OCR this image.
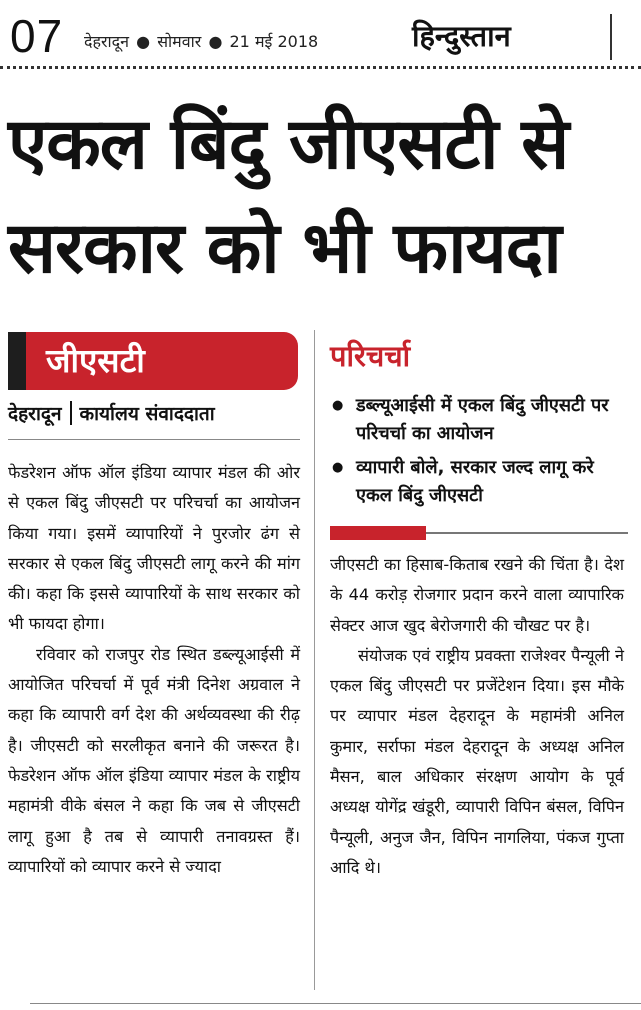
07 देहरादून ● सोमवार ● 21 मई 2018	हिन्दुस्तान
एकल बिंदु जीएसटी से
सरकार को भी फायदा
जीएसटी
देहरादून कार्यालय संवाददाता

फेडरेशन ऑफ ऑल इंडिया व्यापार मंडल की ओर से एकल बिंदु जीएसटी पर परिचर्चा का आयोजन किया गया। इसमें व्यापारियों ने पुरजोर ढंग से सरकार से एकल बिंदु जीएसटी लागू करने की मांग की। कहा कि इससे व्यापारियों के साथ सरकार को भी फायदा होगा।

रविवार को राजपुर रोड स्थित डब्ल्यूआईसी में आयोजित परिचर्चा में पूर्व मंत्री दिनेश अग्रवाल ने कहा कि व्यापारी वर्ग देश की अर्थव्यवस्था की रीढ़ है। जीएसटी को सरलीकृत बनाने की जरूरत है। फेडरेशन ऑफ ऑल इंडिया व्यापार मंडल के राष्ट्रीय महामंत्री वीके बंसल ने कहा कि जब से जीएसटी लागू हुआ है तब से व्यापारी तनावग्रस्त हैं। व्यापारियों को व्यापार करने से ज्यादा

परिचर्चा
● डब्ल्यूआईसी में एकल बिंदु जीएसटी पर परिचर्चा का आयोजन
● व्यापारी बोले, सरकार जल्द लागू करे एकल बिंदु जीएसटी

जीएसटी का हिसाब-किताब रखने की चिंता है। देश के 44 करोड़ रोजगार प्रदान करने वाला व्यापारिक सेक्टर आज खुद बेरोजगारी की चौखट पर है।

संयोजक एवं राष्ट्रीय प्रवक्ता राजेश्वर पैन्यूली ने एकल बिंदु जीएसटी पर प्रजेंटेशन दिया। इस मौके पर व्यापार मंडल देहरादून के महामंत्री अनिल कुमार, सर्राफा मंडल देहरादून के अध्यक्ष अनिल मैसन, बाल अधिकार संरक्षण आयोग के पूर्व अध्यक्ष योगेंद्र खंडूरी, व्यापारी विपिन बंसल, विपिन पैन्यूली, अनुज जैन, विपिन नागलिया, पंकज गुप्ता आदि थे।
